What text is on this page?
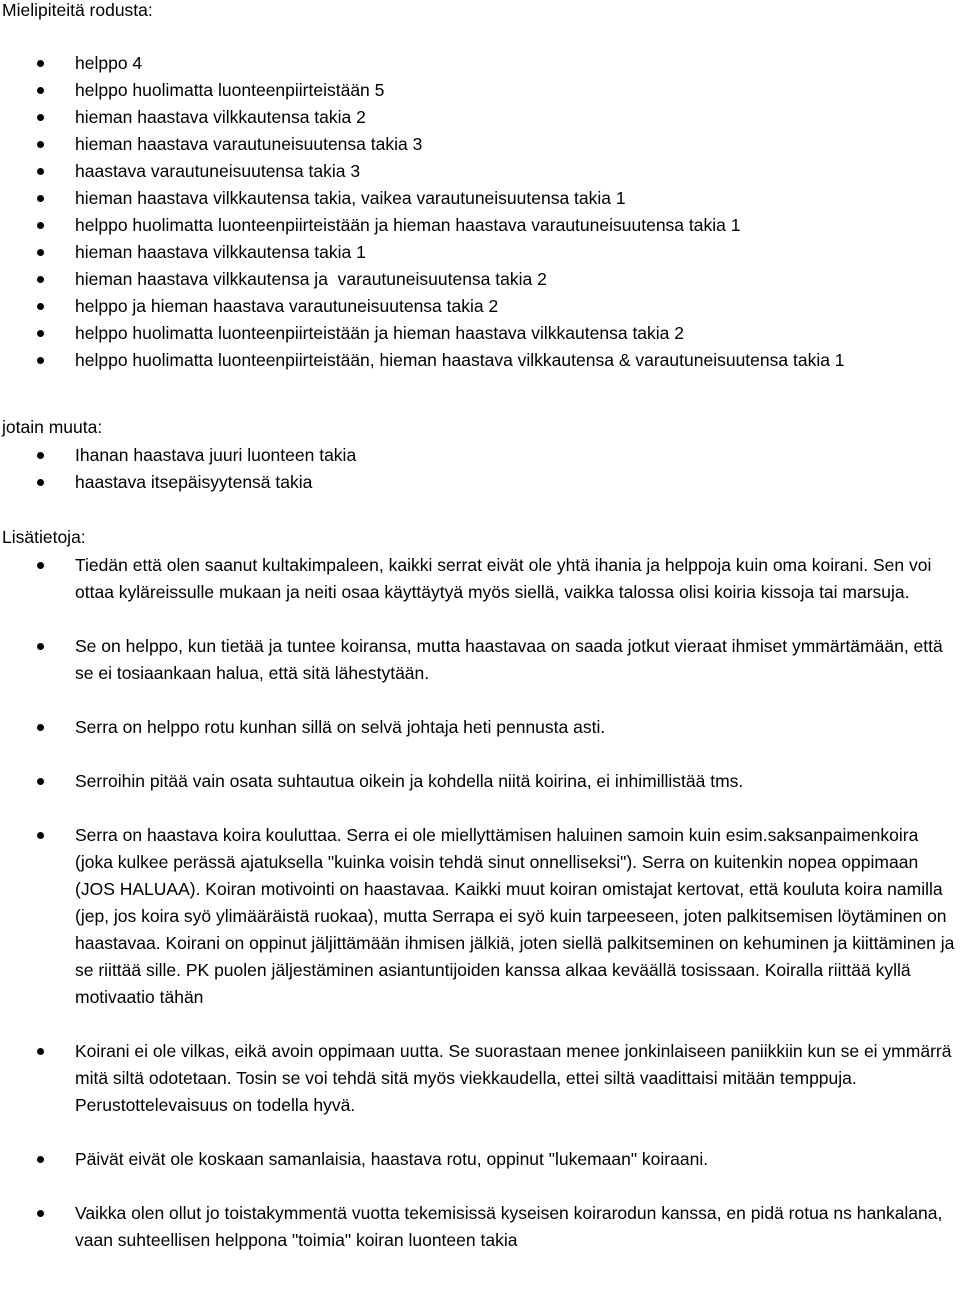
Mielipiteitä rodusta:

helppo 4
helppo huolimatta luonteenpiirteistään 5
hieman haastava vilkkautensa takia 2
hieman haastava varautuneisuutensa takia 3
haastava varautuneisuutensa takia 3
hieman haastava vilkkautensa takia, vaikea varautuneisuutensa takia 1
helppo huolimatta luonteenpiirteistään ja hieman haastava varautuneisuutensa takia 1
hieman haastava vilkkautensa takia 1
hieman haastava vilkkautensa ja  varautuneisuutensa takia 2
helppo ja hieman haastava varautuneisuutensa takia 2
helppo huolimatta luonteenpiirteistään ja hieman haastava vilkkautensa takia 2
helppo huolimatta luonteenpiirteistään, hieman haastava vilkkautensa & varautuneisuutensa takia 1

jotain muuta:

Ihanan haastava juuri luonteen takia
haastava itsepäisyytensä takia

Lisätietoja:

Tiedän että olen saanut kultakimpaleen, kaikki serrat eivät ole yhtä ihania ja helppoja kuin oma koirani. Sen voi ottaa kyläreissulle mukaan ja neiti osaa käyttäytyä myös siellä, vaikka talossa olisi koiria kissoja tai marsuja.
Se on helppo, kun tietää ja tuntee koiransa, mutta haastavaa on saada jotkut vieraat ihmiset ymmärtämään, että se ei tosiaankaan halua, että sitä lähestytään.
Serra on helppo rotu kunhan sillä on selvä johtaja heti pennusta asti.
Serroihin pitää vain osata suhtautua oikein ja kohdella niitä koirina, ei inhimillistää tms.
Serra on haastava koira kouluttaa. Serra ei ole miellyttämisen haluinen samoin kuin esim.saksanpaimenkoira (joka kulkee perässä ajatuksella "kuinka voisin tehdä sinut onnelliseksi"). Serra on kuitenkin nopea oppimaan (JOS HALUAA). Koiran motivointi on haastavaa. Kaikki muut koiran omistajat kertovat, että kouluta koira namilla (jep, jos koira syö ylimääräistä ruokaa), mutta Serrapa ei syö kuin tarpeeseen, joten palkitsemisen löytäminen on haastavaa. Koirani on oppinut jäljittämään ihmisen jälkiä, joten siellä palkitseminen on kehuminen ja kiittäminen ja se riittää sille. PK puolen jäljestäminen asiantuntijoiden kanssa alkaa keväällä tosissaan. Koiralla riittää kyllä motivaatio tähän
Koirani ei ole vilkas, eikä avoin oppimaan uutta. Se suorastaan menee jonkinlaiseen paniikkiin kun se ei ymmärrä mitä siltä odotetaan. Tosin se voi tehdä sitä myös viekkaudella, ettei siltä vaadittaisi mitään temppuja. Perustottelevaisuus on todella hyvä.
Päivät eivät ole koskaan samanlaisia, haastava rotu, oppinut "lukemaan" koiraani.
Vaikka olen ollut jo toistakymmentä vuotta tekemisissä kyseisen koirarodun kanssa, en pidä rotua ns hankalana, vaan suhteellisen helppona "toimia" koiran luonteen takia
